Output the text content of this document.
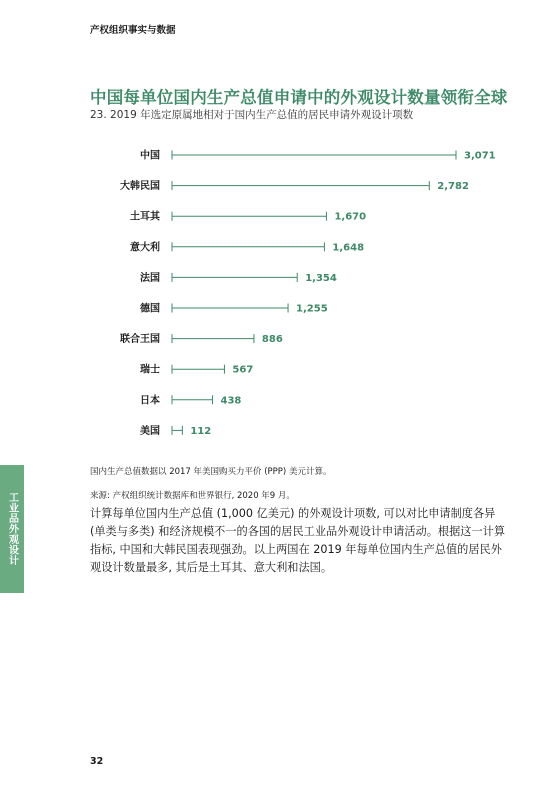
产权组织事实与数据
中国每单位国内生产总值申请中的外观设计数量领衔全球
23. 2019 年选定原属地相对于国内生产总值的居民申请外观设计项数
中国	3,071
大韩民国	2,782
土耳其	1,670
意大利	1,648
法国	1,354
德国	1,255
联合王国	886
瑞士	567
日本	438
美国	112
国内生产总值数据以 2017 年美国购买力平价 (PPP) 美元计算。
来源: 产权组织统计数据库和世界银行, 2020 年9 月。
计算每单位国内生产总值 (1,000 亿美元) 的外观设计项数, 可以对比申请制度各异 (单类与多类) 和经济规模不一的各国的居民工业品外观设计申请活动。根据这一计算指标, 中国和大韩民国表现强劲。以上两国在 2019 年每单位国内生产总值的居民外观设计数量最多, 其后是土耳其、意大利和法国。
工业品外观设计
32
